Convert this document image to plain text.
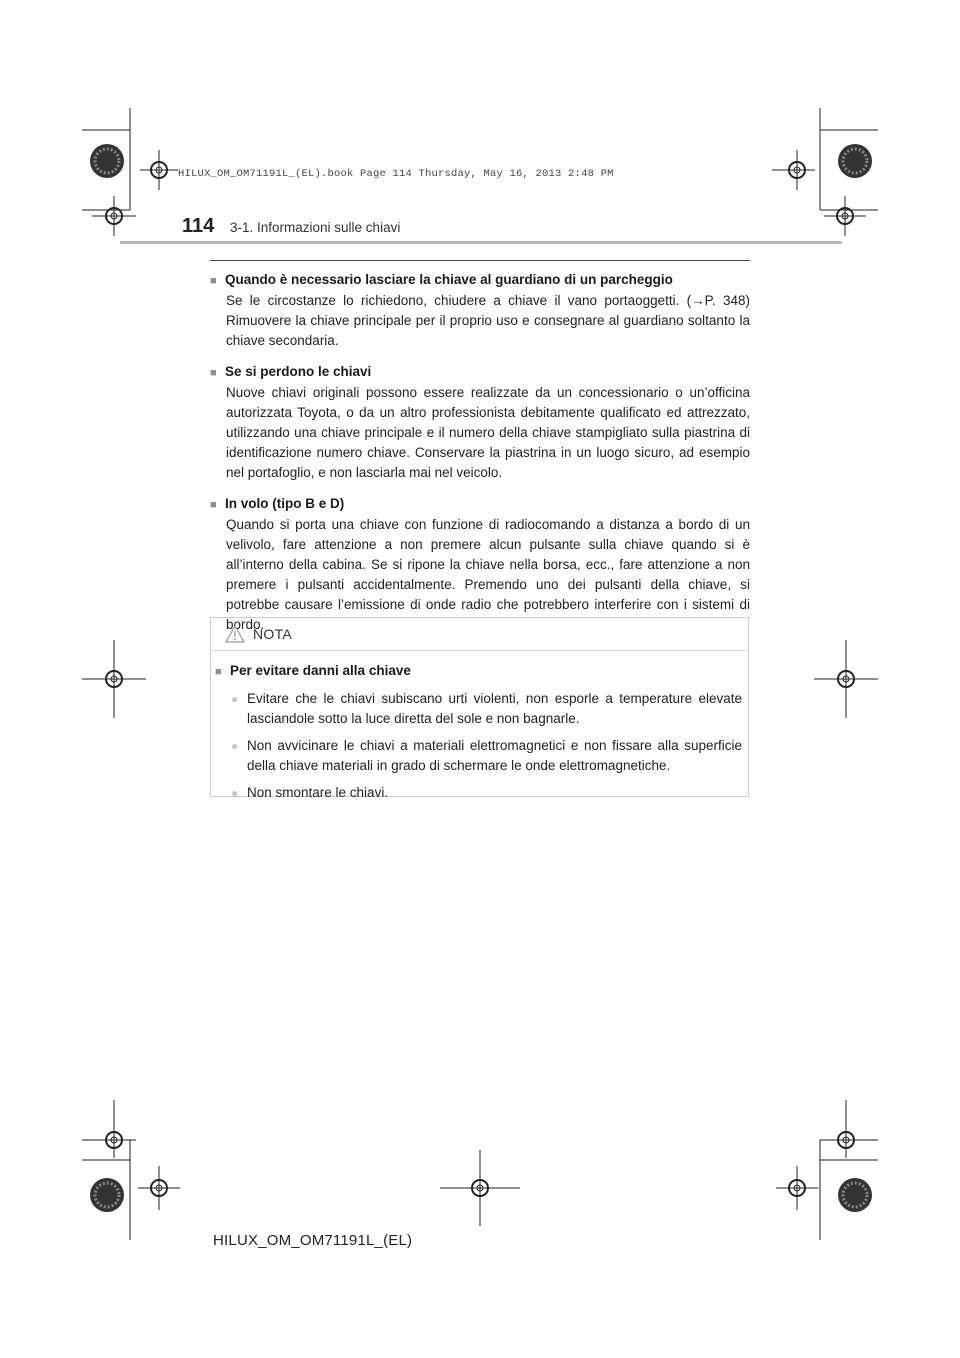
HILUX_OM_OM71191L_(EL).book Page 114 Thursday, May 16, 2013 2:48 PM
114 3-1. Informazioni sulle chiavi
■ Quando è necessario lasciare la chiave al guardiano di un parcheggio
Se le circostanze lo richiedono, chiudere a chiave il vano portaoggetti. (→P. 348) Rimuovere la chiave principale per il proprio uso e consegnare al guardiano soltanto la chiave secondaria.
■ Se si perdono le chiavi
Nuove chiavi originali possono essere realizzate da un concessionario o un’officina autorizzata Toyota, o da un altro professionista debitamente qualificato ed attrezzato, utilizzando una chiave principale e il numero della chiave stampigliato sulla piastrina di identificazione numero chiave. Conservare la piastrina in un luogo sicuro, ad esempio nel portafoglio, e non lasciarla mai nel veicolo.
■ In volo (tipo B e D)
Quando si porta una chiave con funzione di radiocomando a distanza a bordo di un velivolo, fare attenzione a non premere alcun pulsante sulla chiave quando si è all’interno della cabina. Se si ripone la chiave nella borsa, ecc., fare attenzione a non premere i pulsanti accidentalmente. Premendo uno dei pulsanti della chiave, si potrebbe causare l’emissione di onde radio che potrebbero interferire con i sistemi di bordo.
NOTA
■ Per evitare danni alla chiave
● Evitare che le chiavi subiscano urti violenti, non esporle a temperature elevate lasciandole sotto la luce diretta del sole e non bagnarle.
● Non avvicinare le chiavi a materiali elettromagnetici e non fissare alla superficie della chiave materiali in grado di schermare le onde elettromagnetiche.
● Non smontare le chiavi.
HILUX_OM_OM71191L_(EL)
